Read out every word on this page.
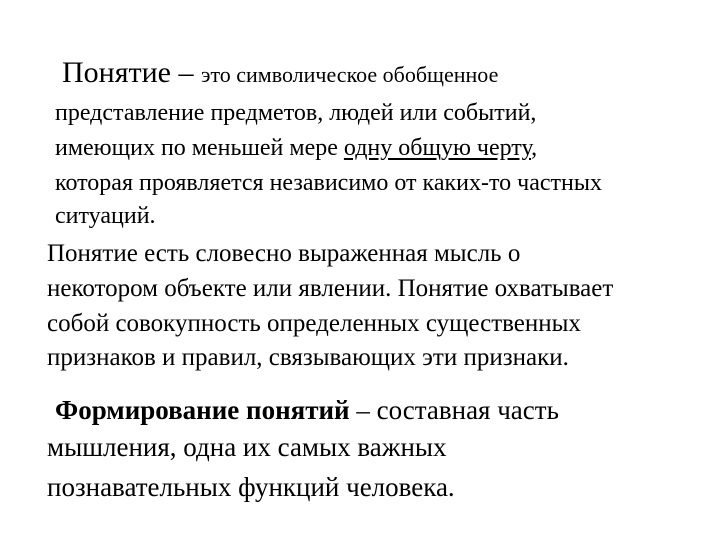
Понятие – это символическое обобщенное
представление предметов, людей или событий,
имеющих по меньшей мере одну общую черту,
которая проявляется независимо от каких-то частных
ситуаций.
Понятие есть словесно выраженная мысль о
некотором объекте или явлении. Понятие охватывает
собой совокупность определенных существенных
признаков и правил, связывающих эти признаки.
Формирование понятий – составная часть
мышления, одна их самых важных
познавательных функций человека.
